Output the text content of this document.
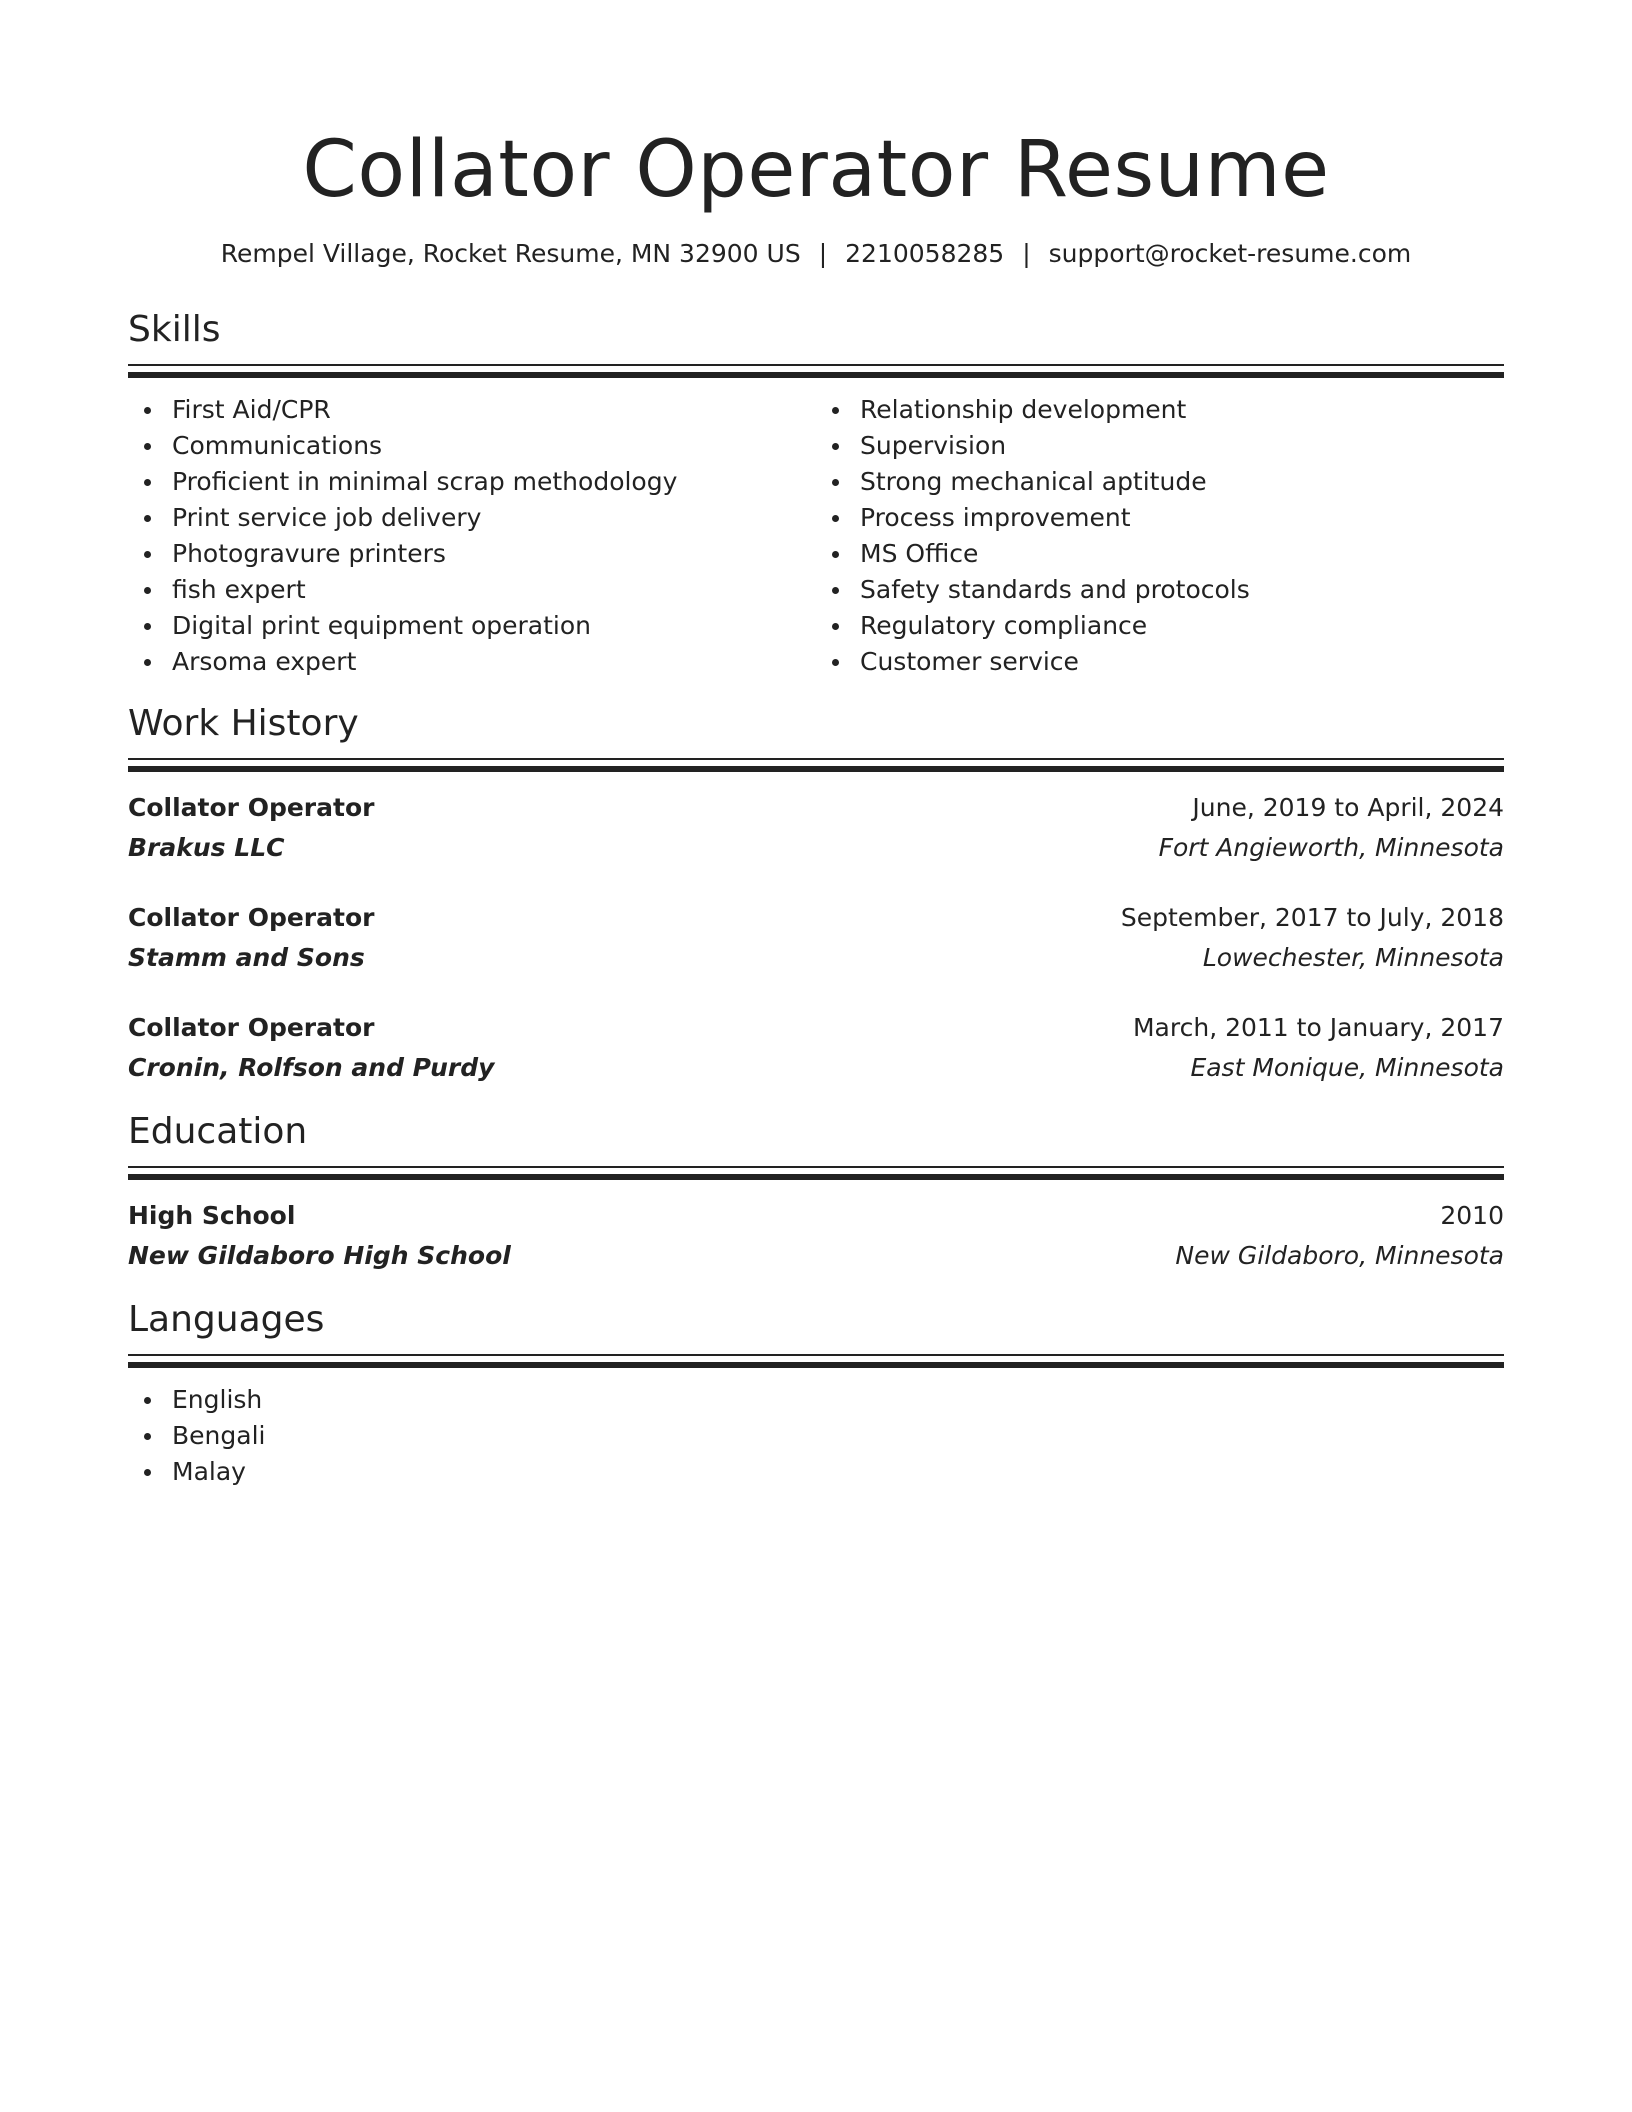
Collator Operator Resume
Rempel Village, Rocket Resume, MN 32900 US | 2210058285 | support@rocket-resume.com
Skills
First Aid/CPR
Communications
Proficient in minimal scrap methodology
Print service job delivery
Photogravure printers
fish expert
Digital print equipment operation
Arsoma expert
Relationship development
Supervision
Strong mechanical aptitude
Process improvement
MS Office
Safety standards and protocols
Regulatory compliance
Customer service
Work History
Collator Operator	June, 2019 to April, 2024
Brakus LLC	Fort Angieworth, Minnesota
Collator Operator	September, 2017 to July, 2018
Stamm and Sons	Lowechester, Minnesota
Collator Operator	March, 2011 to January, 2017
Cronin, Rolfson and Purdy	East Monique, Minnesota
Education
High School	2010
New Gildaboro High School	New Gildaboro, Minnesota
Languages
English
Bengali
Malay
